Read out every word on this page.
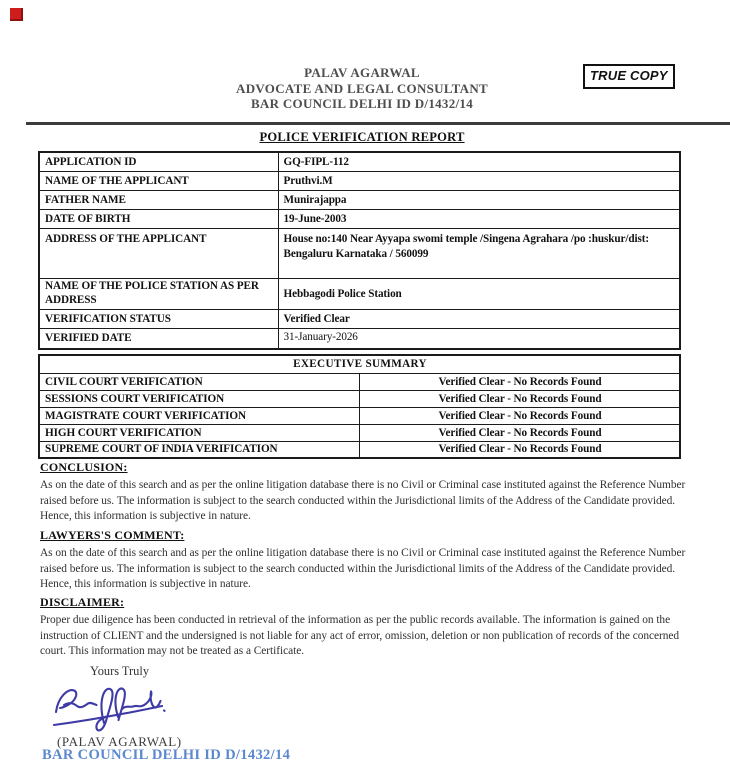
PALAV AGARWAL
ADVOCATE AND LEGAL CONSULTANT
BAR COUNCIL DELHI ID D/1432/14
TRUE COPY
POLICE VERIFICATION REPORT
APPLICATION ID	GQ-FIPL-112
NAME OF THE APPLICANT	Pruthvi.M
FATHER NAME	Munirajappa
DATE OF BIRTH	19-June-2003
ADDRESS OF THE APPLICANT	House no:140 Near Ayyapa swomi temple /Singena Agrahara /po :huskur/dist: Bengaluru Karnataka / 560099
NAME OF THE POLICE STATION AS PER ADDRESS	Hebbagodi Police Station
VERIFICATION STATUS	Verified Clear
VERIFIED DATE	31-January-2026
EXECUTIVE SUMMARY	
CIVIL COURT VERIFICATION	Verified Clear - No Records Found
SESSIONS COURT VERIFICATION	Verified Clear - No Records Found
MAGISTRATE COURT VERIFICATION	Verified Clear - No Records Found
HIGH COURT VERIFICATION	Verified Clear - No Records Found
SUPREME COURT OF INDIA VERIFICATION	Verified Clear - No Records Found
CONCLUSION:
As on the date of this search and as per the online litigation database there is no Civil or Criminal case instituted against the Reference Number raised before us. The information is subject to the search conducted within the Jurisdictional limits of the Address of the Candidate provided. Hence, this information is subjective in nature.
LAWYERS'S COMMENT:
As on the date of this search and as per the online litigation database there is no Civil or Criminal case instituted against the Reference Number raised before us. The information is subject to the search conducted within the Jurisdictional limits of the Address of the Candidate provided. Hence, this information is subjective in nature.
DISCLAIMER:
Proper due diligence has been conducted in retrieval of the information as per the public records available. The information is gained on the instruction of CLIENT and the undersigned is not liable for any act of error, omission, deletion or non publication of records of the concerned court. This information may not be treated as a Certificate.
Yours Truly
(PALAV AGARWAL)
BAR COUNCIL DELHI ID D/1432/14
